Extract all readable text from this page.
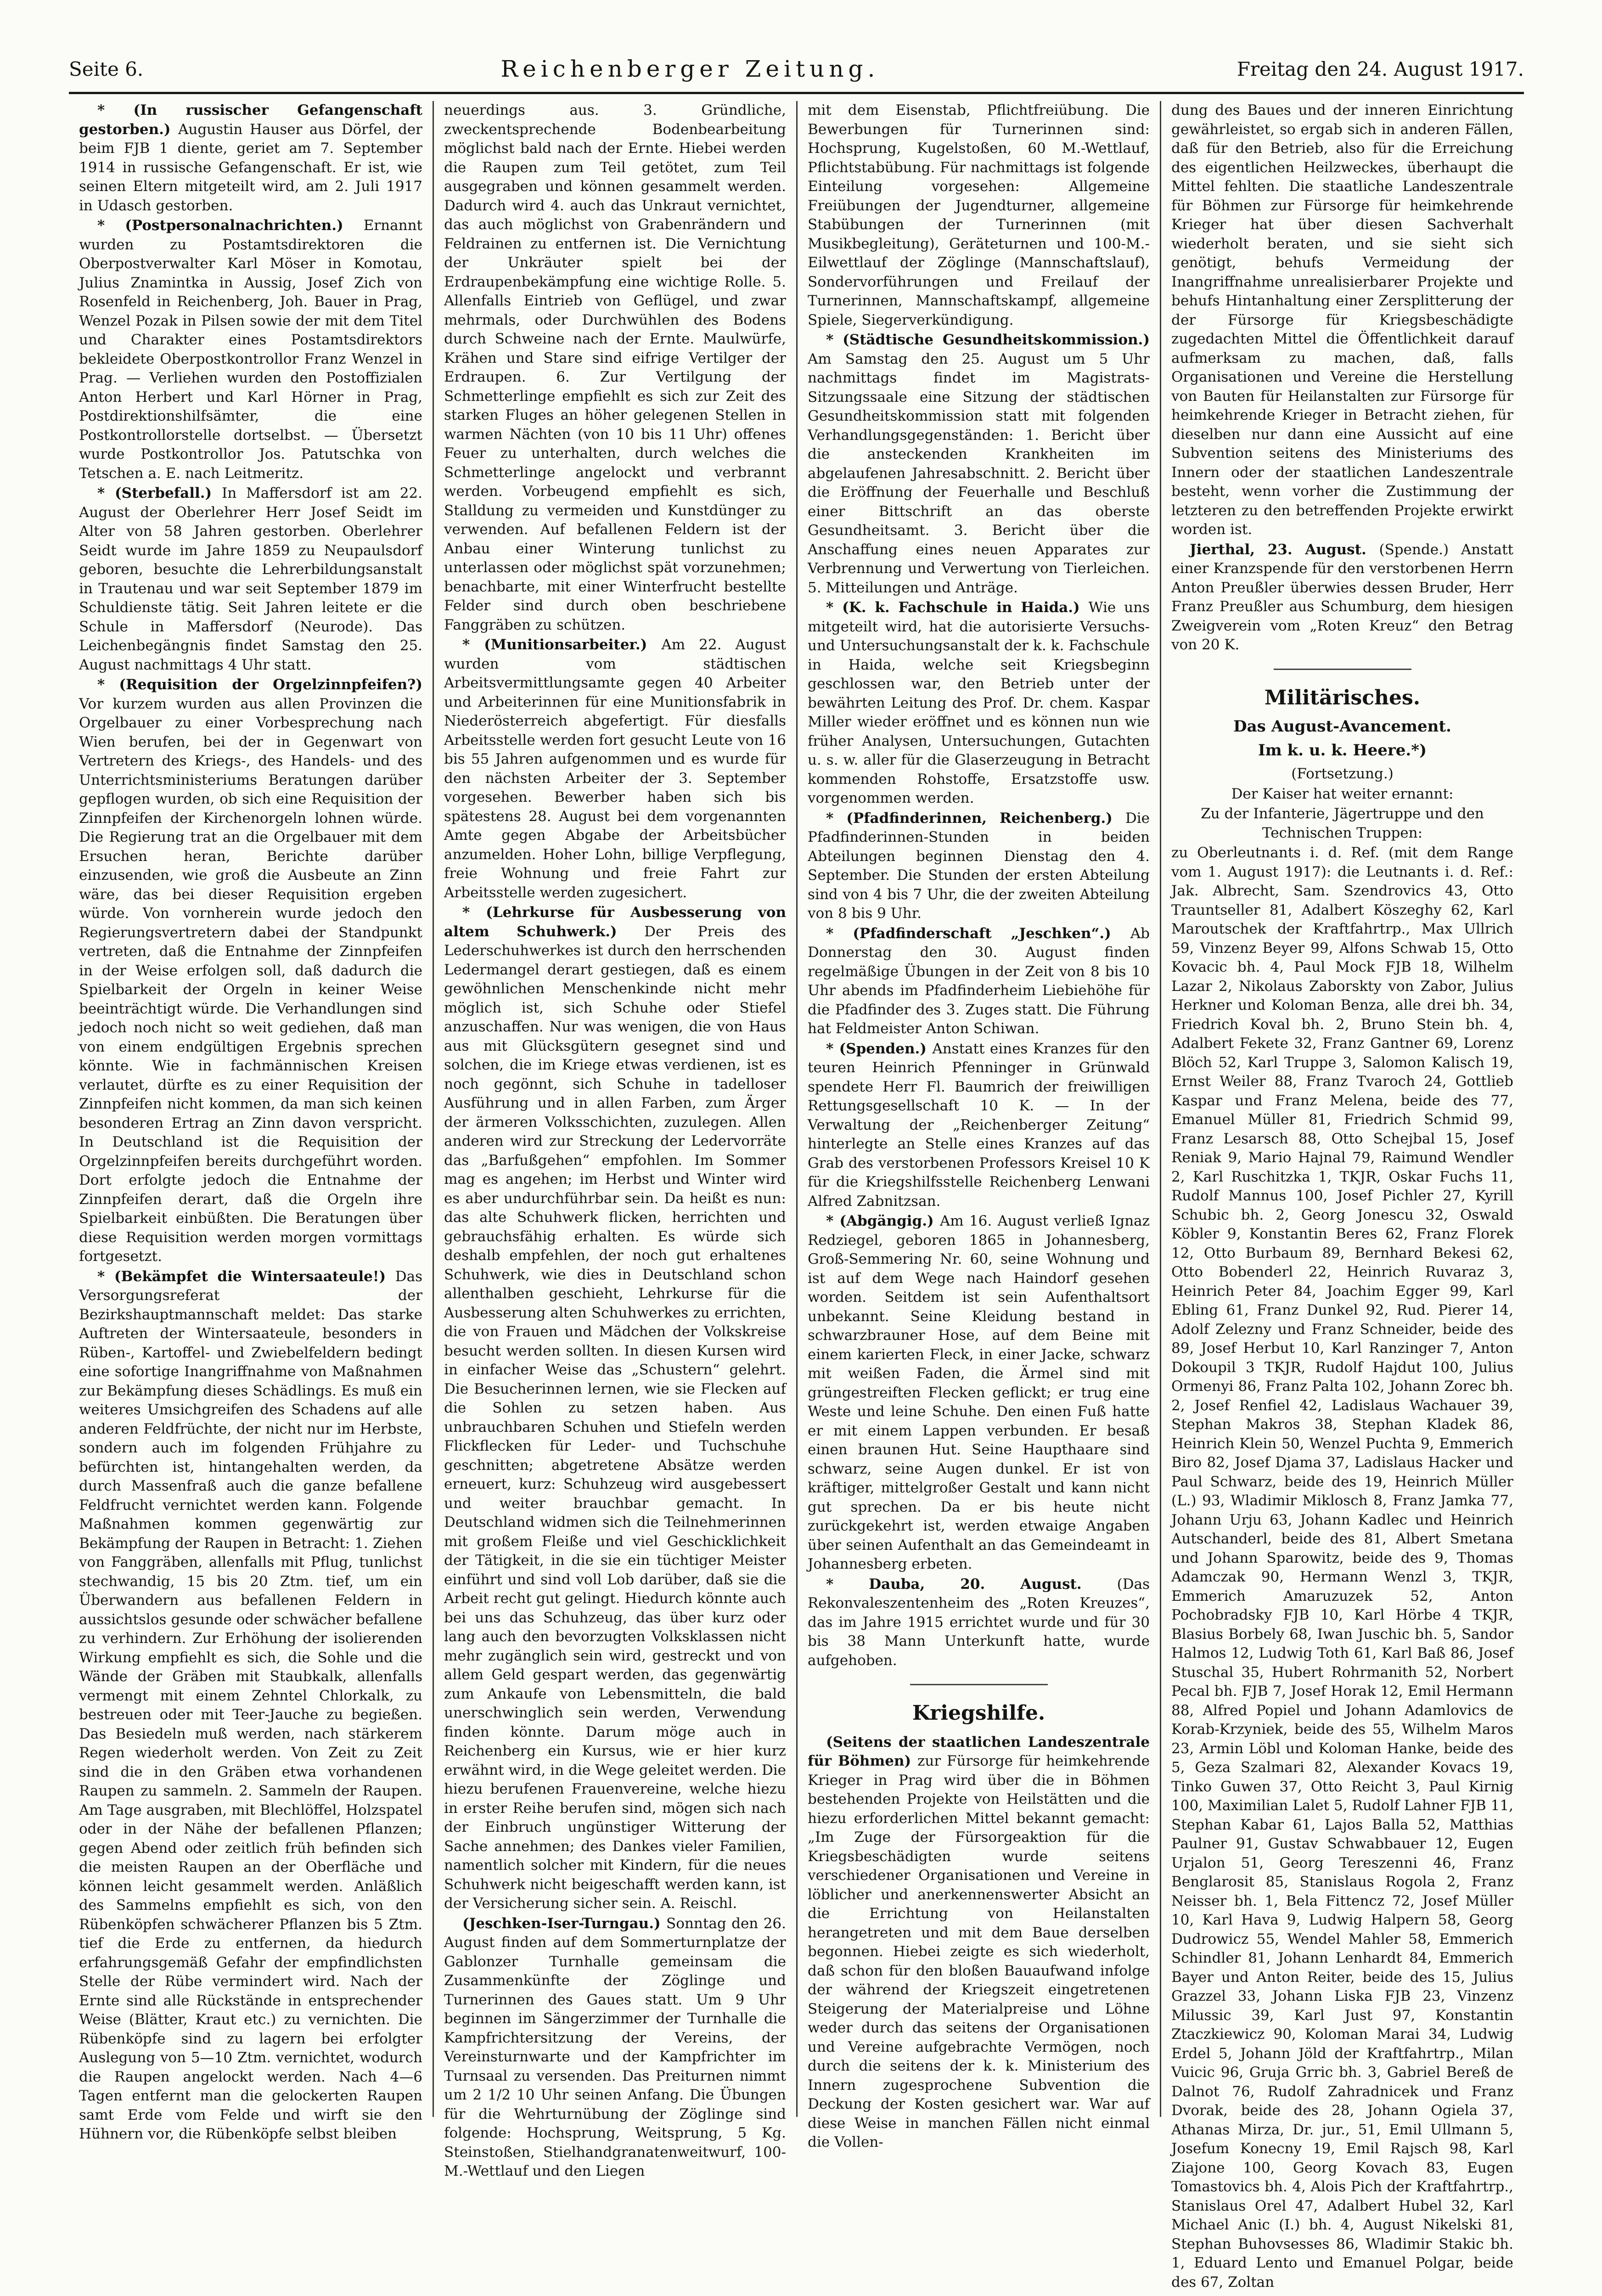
Seite 6.	Reichenberger Zeitung.	Freitag den 24. August 1917.

* (In russischer Gefangenschaft gestorben.) Augustin Hauser aus Dörfel, der beim FJB 1 diente, geriet am 7. September 1914 in russische Gefangenschaft. Er ist, wie seinen Eltern mitgeteilt wird, am 2. Juli 1917 in Udasch gestorben.

* (Postpersonalnachrichten.) Ernannt wurden zu Postamtsdirektoren die Oberpostverwalter Karl Möser in Komotau, Julius Znamintka in Aussig, Josef Zich von Rosenfeld in Reichenberg, Joh. Bauer in Prag, Wenzel Pozak in Pilsen sowie der mit dem Titel und Charakter eines Postamtsdirektors bekleidete Oberpostkontrollor Franz Wenzel in Prag. — Verliehen wurden den Postoffizialen Anton Herbert und Karl Hörner in Prag, Postdirektionshilfsämter, die eine Postkontrollorstelle dortselbst. — Übersetzt wurde Postkontrollor Jos. Patutschka von Tetschen a. E. nach Leitmeritz.

* (Sterbefall.) In Maffersdorf ist am 22. August der Oberlehrer Herr Josef Seidt im Alter von 58 Jahren gestorben. Oberlehrer Seidt wurde im Jahre 1859 zu Neupaulsdorf geboren, besuchte die Lehrerbildungsanstalt in Trautenau und war seit September 1879 im Schuldienste tätig. Seit Jahren leitete er die Schule in Maffersdorf (Neurode). Das Leichenbegängnis findet Samstag den 25. August nachmittags 4 Uhr statt.

* (Requisition der Orgelzinnpfeifen?) Vor kurzem wurden aus allen Provinzen die Orgelbauer zu einer Vorbesprechung nach Wien berufen, bei der in Gegenwart von Vertretern des Kriegs-, des Handels- und des Unterrichtsministeriums Beratungen darüber gepflogen wurden, ob sich eine Requisition der Zinnpfeifen der Kirchenorgeln lohnen würde. Die Regierung trat an die Orgelbauer mit dem Ersuchen heran, Berichte darüber einzusenden, wie groß die Ausbeute an Zinn wäre, das bei dieser Requisition ergeben würde. Von vornherein wurde jedoch den Regierungsvertretern dabei der Standpunkt vertreten, daß die Entnahme der Zinnpfeifen in der Weise erfolgen soll, daß dadurch die Spielbarkeit der Orgeln in keiner Weise beeinträchtigt würde. Die Verhandlungen sind jedoch noch nicht so weit gediehen, daß man von einem endgültigen Ergebnis sprechen könnte. Wie in fachmännischen Kreisen verlautet, dürfte es zu einer Requisition der Zinnpfeifen nicht kommen, da man sich keinen besonderen Ertrag an Zinn davon verspricht. In Deutschland ist die Requisition der Orgelzinnpfeifen bereits durchgeführt worden. Dort erfolgte jedoch die Entnahme der Zinnpfeifen derart, daß die Orgeln ihre Spielbarkeit einbüßten. Die Beratungen über diese Requisition werden morgen vormittags fortgesetzt.

* (Bekämpfet die Wintersaateule!) Das Versorgungsreferat der Bezirkshauptmannschaft meldet: Das starke Auftreten der Wintersaateule, besonders in Rüben-, Kartoffel- und Zwiebelfeldern bedingt eine sofortige Inangriffnahme von Maßnahmen zur Bekämpfung dieses Schädlings. Es muß ein weiteres Umsichgreifen des Schadens auf alle anderen Feldfrüchte, der nicht nur im Herbste, sondern auch im folgenden Frühjahre zu befürchten ist, hintangehalten werden, da durch Massenfraß auch die ganze befallene Feldfrucht vernichtet werden kann. Folgende Maßnahmen kommen gegenwärtig zur Bekämpfung der Raupen in Betracht: 1. Ziehen von Fanggräben, allenfalls mit Pflug, tunlichst stechwandig, 15 bis 20 Ztm. tief, um ein Überwandern aus befallenen Feldern in aussichtslos gesunde oder schwächer befallene zu verhindern. Zur Erhöhung der isolierenden Wirkung empfiehlt es sich, die Sohle und die Wände der Gräben mit Staubkalk, allenfalls vermengt mit einem Zehntel Chlorkalk, zu bestreuen oder mit Teer-Jauche zu begießen. Das Besiedeln muß werden, nach stärkerem Regen wiederholt werden. Von Zeit zu Zeit sind die in den Gräben etwa vorhandenen Raupen zu sammeln. 2. Sammeln der Raupen. Am Tage ausgraben, mit Blechlöffel, Holzspatel oder in der Nähe der befallenen Pflanzen; gegen Abend oder zeitlich früh befinden sich die meisten Raupen an der Oberfläche und können leicht gesammelt werden. Anläßlich des Sammelns empfiehlt es sich, von den Rübenköpfen schwächerer Pflanzen bis 5 Ztm. tief die Erde zu entfernen, da hiedurch erfahrungsgemäß Gefahr der empfindlichsten Stelle der Rübe vermindert wird. Nach der Ernte sind alle Rückstände in entsprechender Weise (Blätter, Kraut etc.) zu vernichten. Die Rübenköpfe sind zu lagern bei erfolgter Auslegung von 5—10 Ztm. vernichtet, wodurch die Raupen angelockt werden. Nach 4—6 Tagen entfernt man die gelockerten Raupen samt Erde vom Felde und wirft sie den Hühnern vor, die Rübenköpfe selbst bleiben

neuerdings aus. 3. Gründliche, zweckentsprechende Bodenbearbeitung möglichst bald nach der Ernte. Hiebei werden die Raupen zum Teil getötet, zum Teil ausgegraben und können gesammelt werden. Dadurch wird 4. auch das Unkraut vernichtet, das auch möglichst von Grabenrändern und Feldrainen zu entfernen ist. Die Vernichtung der Unkräuter spielt bei der Erdraupenbekämpfung eine wichtige Rolle. 5. Allenfalls Eintrieb von Geflügel, und zwar mehrmals, oder Durchwühlen des Bodens durch Schweine nach der Ernte. Maulwürfe, Krähen und Stare sind eifrige Vertilger der Erdraupen. 6. Zur Vertilgung der Schmetterlinge empfiehlt es sich zur Zeit des starken Fluges an höher gelegenen Stellen in warmen Nächten (von 10 bis 11 Uhr) offenes Feuer zu unterhalten, durch welches die Schmetterlinge angelockt und verbrannt werden. Vorbeugend empfiehlt es sich, Stalldung zu vermeiden und Kunstdünger zu verwenden. Auf befallenen Feldern ist der Anbau einer Winterung tunlichst zu unterlassen oder möglichst spät vorzunehmen; benachbarte, mit einer Winterfrucht bestellte Felder sind durch oben beschriebene Fanggräben zu schützen.

* (Munitionsarbeiter.) Am 22. August wurden vom städtischen Arbeitsvermittlungsamte gegen 40 Arbeiter und Arbeiterinnen für eine Munitionsfabrik in Niederösterreich abgefertigt. Für diesfalls Arbeitsstelle werden fort gesucht Leute von 16 bis 55 Jahren aufgenommen und es wurde für den nächsten Arbeiter der 3. September vorgesehen. Bewerber haben sich bis spätestens 28. August bei dem vorgenannten Amte gegen Abgabe der Arbeitsbücher anzumelden. Hoher Lohn, billige Verpflegung, freie Wohnung und freie Fahrt zur Arbeitsstelle werden zugesichert.

* (Lehrkurse für Ausbesserung von altem Schuhwerk.) Der Preis des Lederschuhwerkes ist durch den herrschenden Ledermangel derart gestiegen, daß es einem gewöhnlichen Menschenkinde nicht mehr möglich ist, sich Schuhe oder Stiefel anzuschaffen. Nur was wenigen, die von Haus aus mit Glücksgütern gesegnet sind und solchen, die im Kriege etwas verdienen, ist es noch gegönnt, sich Schuhe in tadelloser Ausführung und in allen Farben, zum Ärger der ärmeren Volksschichten, zuzulegen. Allen anderen wird zur Streckung der Ledervorräte das „Barfußgehen“ empfohlen. Im Sommer mag es angehen; im Herbst und Winter wird es aber undurchführbar sein. Da heißt es nun: das alte Schuhwerk flicken, herrichten und gebrauchsfähig erhalten. Es würde sich deshalb empfehlen, der noch gut erhaltenes Schuhwerk, wie dies in Deutschland schon allenthalben geschieht, Lehrkurse für die Ausbesserung alten Schuhwerkes zu errichten, die von Frauen und Mädchen der Volkskreise besucht werden sollten. In diesen Kursen wird in einfacher Weise das „Schustern“ gelehrt. Die Besucherinnen lernen, wie sie Flecken auf die Sohlen zu setzen haben. Aus unbrauchbaren Schuhen und Stiefeln werden Flickflecken für Leder- und Tuchschuhe geschnitten; abgetretene Absätze werden erneuert, kurz: Schuhzeug wird ausgebessert und weiter brauchbar gemacht. In Deutschland widmen sich die Teilnehmerinnen mit großem Fleiße und viel Geschicklichkeit der Tätigkeit, in die sie ein tüchtiger Meister einführt und sind voll Lob darüber, daß sie die Arbeit recht gut gelingt. Hiedurch könnte auch bei uns das Schuhzeug, das über kurz oder lang auch den bevorzugten Volksklassen nicht mehr zugänglich sein wird, gestreckt und von allem Geld gespart werden, das gegenwärtig zum Ankaufe von Lebensmitteln, die bald unerschwinglich sein werden, Verwendung finden könnte. Darum möge auch in Reichenberg ein Kursus, wie er hier kurz erwähnt wird, in die Wege geleitet werden. Die hiezu berufenen Frauenvereine, welche hiezu in erster Reihe berufen sind, mögen sich nach der Einbruch ungünstiger Witterung der Sache annehmen; des Dankes vieler Familien, namentlich solcher mit Kindern, für die neues Schuhwerk nicht beigeschafft werden kann, ist der Versicherung sicher sein. A. Reischl.

(Jeschken-Iser-Turngau.) Sonntag den 26. August finden auf dem Sommerturnplatze der Gablonzer Turnhalle gemeinsam die Zusammenkünfte der Zöglinge und Turnerinnen des Gaues statt. Um 9 Uhr beginnen im Sängerzimmer der Turnhalle die Kampfrichtersitzung der Vereins, der Vereinsturnwarte und der Kampfrichter im Turnsaal zu versenden. Das Preiturnen nimmt um 2 1/2 10 Uhr seinen Anfang. Die Übungen für die Wehrturnübung der Zöglinge sind folgende: Hochsprung, Weitsprung, 5 Kg. Steinstoßen, Stielhandgranatenweitwurf, 100-M.-Wettlauf und den Liegen

mit dem Eisenstab, Pflichtfreiübung. Die Bewerbungen für Turnerinnen sind: Hochsprung, Kugelstoßen, 60 M.-Wettlauf, Pflichtstabübung. Für nachmittags ist folgende Einteilung vorgesehen: Allgemeine Freiübungen der Jugendturner, allgemeine Stabübungen der Turnerinnen (mit Musikbegleitung), Geräteturnen und 100-M.-Eilwettlauf der Zöglinge (Mannschaftslauf), Sondervorführungen und Freilauf der Turnerinnen, Mannschaftskampf, allgemeine Spiele, Siegerverkündigung.

* (Städtische Gesundheitskommission.) Am Samstag den 25. August um 5 Uhr nachmittags findet im Magistrats-Sitzungssaale eine Sitzung der städtischen Gesundheitskommission statt mit folgenden Verhandlungsgegenständen: 1. Bericht über die ansteckenden Krankheiten im abgelaufenen Jahresabschnitt. 2. Bericht über die Eröffnung der Feuerhalle und Beschluß einer Bittschrift an das oberste Gesundheitsamt. 3. Bericht über die Anschaffung eines neuen Apparates zur Verbrennung und Verwertung von Tierleichen. 5. Mitteilungen und Anträge.

* (K. k. Fachschule in Haida.) Wie uns mitgeteilt wird, hat die autorisierte Versuchs- und Untersuchungsanstalt der k. k. Fachschule in Haida, welche seit Kriegsbeginn geschlossen war, den Betrieb unter der bewährten Leitung des Prof. Dr. chem. Kaspar Miller wieder eröffnet und es können nun wie früher Analysen, Untersuchungen, Gutachten u. s. w. aller für die Glaserzeugung in Betracht kommenden Rohstoffe, Ersatzstoffe usw. vorgenommen werden.

* (Pfadfinderinnen, Reichenberg.) Die Pfadfinderinnen-Stunden in beiden Abteilungen beginnen Dienstag den 4. September. Die Stunden der ersten Abteilung sind von 4 bis 7 Uhr, die der zweiten Abteilung von 8 bis 9 Uhr.

* (Pfadfinderschaft „Jeschken“.) Ab Donnerstag den 30. August finden regelmäßige Übungen in der Zeit von 8 bis 10 Uhr abends im Pfadfinderheim Liebiehöhe für die Pfadfinder des 3. Zuges statt. Die Führung hat Feldmeister Anton Schiwan.

* (Spenden.) Anstatt eines Kranzes für den teuren Heinrich Pfenninger in Grünwald spendete Herr Fl. Baumrich der freiwilligen Rettungsgesellschaft 10 K. — In der Verwaltung der „Reichenberger Zeitung“ hinterlegte an Stelle eines Kranzes auf das Grab des verstorbenen Professors Kreisel 10 K für die Kriegshilfsstelle Reichenberg Lenwani Alfred Zabnitzsan.

* (Abgängig.) Am 16. August verließ Ignaz Redziegel, geboren 1865 in Johannesberg, Groß-Semmering Nr. 60, seine Wohnung und ist auf dem Wege nach Haindorf gesehen worden. Seitdem ist sein Aufenthaltsort unbekannt. Seine Kleidung bestand in schwarzbrauner Hose, auf dem Beine mit einem karierten Fleck, in einer Jacke, schwarz mit weißen Faden, die Ärmel sind mit grüngestreiften Flecken geflickt; er trug eine Weste und leine Schuhe. Den einen Fuß hatte er mit einem Lappen verbunden. Er besaß einen braunen Hut. Seine Haupthaare sind schwarz, seine Augen dunkel. Er ist von kräftiger, mittelgroßer Gestalt und kann nicht gut sprechen. Da er bis heute nicht zurückgekehrt ist, werden etwaige Angaben über seinen Aufenthalt an das Gemeindeamt in Johannesberg erbeten.

* Dauba, 20. August. (Das Rekonvaleszentenheim des „Roten Kreuzes“, das im Jahre 1915 errichtet wurde und für 30 bis 38 Mann Unterkunft hatte, wurde aufgehoben.

Kriegshilfe.

(Seitens der staatlichen Landeszentrale für Böhmen) zur Fürsorge für heimkehrende Krieger in Prag wird über die in Böhmen bestehenden Projekte von Heilstätten und die hiezu erforderlichen Mittel bekannt gemacht: „Im Zuge der Fürsorgeaktion für die Kriegsbeschädigten wurde seitens verschiedener Organisationen und Vereine in löblicher und anerkennenswerter Absicht an die Errichtung von Heilanstalten herangetreten und mit dem Baue derselben begonnen. Hiebei zeigte es sich wiederholt, daß schon für den bloßen Bauaufwand infolge der während der Kriegszeit eingetretenen Steigerung der Materialpreise und Löhne weder durch das seitens der Organisationen und Vereine aufgebrachte Vermögen, noch durch die seitens der k. k. Ministerium des Innern zugesprochene Subvention die Deckung der Kosten gesichert war. War auf diese Weise in manchen Fällen nicht einmal die Vollen-

dung des Baues und der inneren Einrichtung gewährleistet, so ergab sich in anderen Fällen, daß für den Betrieb, also für die Erreichung des eigentlichen Heilzweckes, überhaupt die Mittel fehlten. Die staatliche Landeszentrale für Böhmen zur Fürsorge für heimkehrende Krieger hat über diesen Sachverhalt wiederholt beraten, und sie sieht sich genötigt, behufs Vermeidung der Inangriffnahme unrealisierbarer Projekte und behufs Hintanhaltung einer Zersplitterung der der Fürsorge für Kriegsbeschädigte zugedachten Mittel die Öffentlichkeit darauf aufmerksam zu machen, daß, falls Organisationen und Vereine die Herstellung von Bauten für Heilanstalten zur Fürsorge für heimkehrende Krieger in Betracht ziehen, für dieselben nur dann eine Aussicht auf eine Subvention seitens des Ministeriums des Innern oder der staatlichen Landeszentrale besteht, wenn vorher die Zustimmung der letzteren zu den betreffenden Projekte erwirkt worden ist.

Jierthal, 23. August. (Spende.) Anstatt einer Kranzspende für den verstorbenen Herrn Anton Preußler überwies dessen Bruder, Herr Franz Preußler aus Schumburg, dem hiesigen Zweigverein vom „Roten Kreuz“ den Betrag von 20 K.

Militärisches.
Das August-Avancement.
Im k. u. k. Heere.*)

(Fortsetzung.)

Der Kaiser hat weiter ernannt:

Zu der Infanterie, Jägertruppe und den Technischen Truppen:

zu Oberleutnants i. d. Ref. (mit dem Range vom 1. August 1917): die Leutnants i. d. Ref.: Jak. Albrecht, Sam. Szendrovics 43, Otto Trauntseller 81, Adalbert Köszeghy 62, Karl Maroutschek der Kraftfahrtrp., Max Ullrich 59, Vinzenz Beyer 99, Alfons Schwab 15, Otto Kovacic bh. 4, Paul Mock FJB 18, Wilhelm Lazar 2, Nikolaus Zaborskty von Zabor, Julius Herkner und Koloman Benza, alle drei bh. 34, Friedrich Koval bh. 2, Bruno Stein bh. 4, Adalbert Fekete 32, Franz Gantner 69, Lorenz Blöch 52, Karl Truppe 3, Salomon Kalisch 19, Ernst Weiler 88, Franz Tvaroch 24, Gottlieb Kaspar und Franz Melena, beide des 77, Emanuel Müller 81, Friedrich Schmid 99, Franz Lesarsch 88, Otto Schejbal 15, Josef Reniak 9, Mario Hajnal 79, Raimund Wendler 2, Karl Ruschitzka 1, TKJR, Oskar Fuchs 11, Rudolf Mannus 100, Josef Pichler 27, Kyrill Schubic bh. 2, Georg Jonescu 32, Oswald Köbler 9, Konstantin Beres 62, Franz Florek 12, Otto Burbaum 89, Bernhard Bekesi 62, Otto Bobenderl 22, Heinrich Ruvaraz 3, Heinrich Peter 84, Joachim Egger 99, Karl Ebling 61, Franz Dunkel 92, Rud. Pierer 14, Adolf Zelezny und Franz Schneider, beide des 89, Josef Herbut 10, Karl Ranzinger 7, Anton Dokoupil 3 TKJR, Rudolf Hajdut 100, Julius Ormenyi 86, Franz Palta 102, Johann Zorec bh. 2, Josef Renfiel 42, Ladislaus Wachauer 39, Stephan Makros 38, Stephan Kladek 86, Heinrich Klein 50, Wenzel Puchta 9, Emmerich Biro 82, Josef Djama 37, Ladislaus Hacker und Paul Schwarz, beide des 19, Heinrich Müller (L.) 93, Wladimir Miklosch 8, Franz Jamka 77, Johann Urju 63, Johann Kadlec und Heinrich Autschanderl, beide des 81, Albert Smetana und Johann Sparowitz, beide des 9, Thomas Adamczak 90, Hermann Wenzl 3, TKJR, Emmerich Amaruzuzek 52, Anton Pochobradsky FJB 10, Karl Hörbe 4 TKJR, Blasius Borbely 68, Iwan Juschic bh. 5, Sandor Halmos 12, Ludwig Toth 61, Karl Baß 86, Josef Stuschal 35, Hubert Rohrmanith 52, Norbert Pecal bh. FJB 7, Josef Horak 12, Emil Hermann 88, Alfred Popiel und Johann Adamlovics de Korab-Krzyniek, beide des 55, Wilhelm Maros 23, Armin Löbl und Koloman Hanke, beide des 5, Geza Szalmari 82, Alexander Kovacs 19, Tinko Guwen 37, Otto Reicht 3, Paul Kirnig 100, Maximilian Lalet 5, Rudolf Lahner FJB 11, Stephan Kabar 61, Lajos Balla 52, Matthias Paulner 91, Gustav Schwabbauer 12, Eugen Urjalon 51, Georg Tereszenni 46, Franz Benglarosit 85, Stanislaus Rogola 2, Franz Neisser bh. 1, Bela Fittencz 72, Josef Müller 10, Karl Hava 9, Ludwig Halpern 58, Georg Dudrowicz 55, Wendel Mahler 58, Emmerich Schindler 81, Johann Lenhardt 84, Emmerich Bayer und Anton Reiter, beide des 15, Julius Grazzel 33, Johann Liska FJB 23, Vinzenz Milussic 39, Karl Just 97, Konstantin Ztaczkiewicz 90, Koloman Marai 34, Ludwig Erdel 5, Johann Jöld der Kraftfahrtrp., Milan Vuicic 96, Gruja Grric bh. 3, Gabriel Bereß de Dalnot 76, Rudolf Zahradnicek und Franz Dvorak, beide des 28, Johann Ogiela 37, Athanas Mirza, Dr. jur., 51, Emil Ullmann 5, Josefum Konecny 19, Emil Rajsch 98, Karl Ziajone 100, Georg Kovach 83, Eugen Tomastovics bh. 4, Alois Pich der Kraftfahrtrp., Stanislaus Orel 47, Adalbert Hubel 32, Karl Michael Anic (I.) bh. 4, August Nikelski 81, Stephan Buhovsesses 86, Wladimir Stakic bh. 1, Eduard Lento und Emanuel Polgar, beide des 67, Zoltan
